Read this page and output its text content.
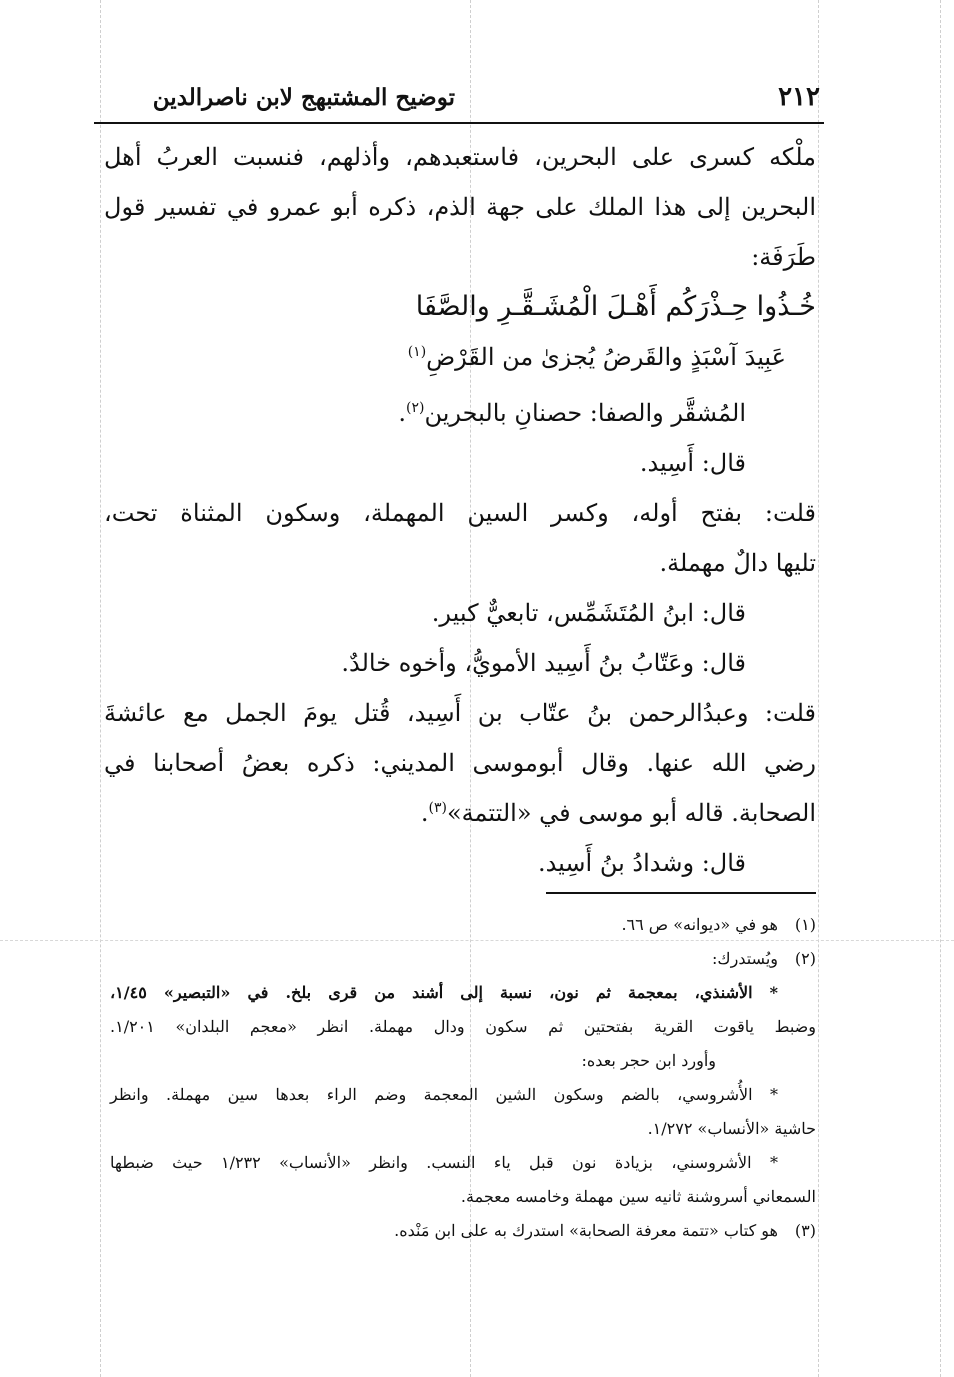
توضيح المشتبهج لابن ناصرالدين	٢١٢
ملْكه كسرى على البحرين، فاستعبدهم، وأذلهم، فنسبت العربُ أهل
البحرين إلى هذا الملك على جهة الذم، ذكره أبو عمرو في تفسير قول
طَرَفَة:
خُـذُوا حِـذْرَكُم أَهْـلَ الْمُشَـقَّـرِ والصَّفَا
عَبِيدَ آسْبَذٍ والقَرضُ يُجزىٰ من القَرْضِ$^{(١)}$
المُشقَّر والصفا: حصنانِ بالبحرين$^{(٢)}$.
قال: أَسِيد.
قلت: بفتح أوله، وكسر السين المهملة، وسكون المثناة تحت،
تليها دالٌ مهملة.
قال: ابنُ المُتَشَمِّس، تابعيٌّ كبير.
قال: وعَتّابُ بنُ أَسِيد الأمويُّ، وأخوه خالدٌ.
قلت: وعبدُالرحمن بنُ عتّاب بن أَسِيد، قُتل يومَ الجمل مع عائشةَ
رضي الله عنها. وقال أبوموسى المديني: ذكره بعضُ أصحابنا في
الصحابة. قاله أبو موسى في «التتمة»$^{(٣)}$.
قال: وشدادُ بنُ أَسِيد.
(١)هو في «ديوانه» ص ٦٦.
(٢)ويُستدرك:
* الأشنذي، بمعجمة ثم نون، نسبة إلى أشند من قرى بلخ. في «التبصير» ١/٤٥،
وضبط ياقوت القرية بفتحتين ثم سكون ودال مهملة. انظر «معجم البلدان» ١/٢٠١.
وأورد ابن حجر بعده:
* الأُشروسي، بالضم وسكون الشين المعجمة وضم الراء بعدها سين مهملة. وانظر
حاشية «الأنساب» ١/٢٧٢.
* الأشروسني، بزيادة نون قبل ياء النسب. وانظر «الأنساب» ١/٢٣٢ حيث ضبطها
السمعاني أسروشنة ثانيه سين مهملة وخامسه معجمة.
(٣)هو كتاب «تتمة معرفة الصحابة» استدرك به على ابن مَنْده.
